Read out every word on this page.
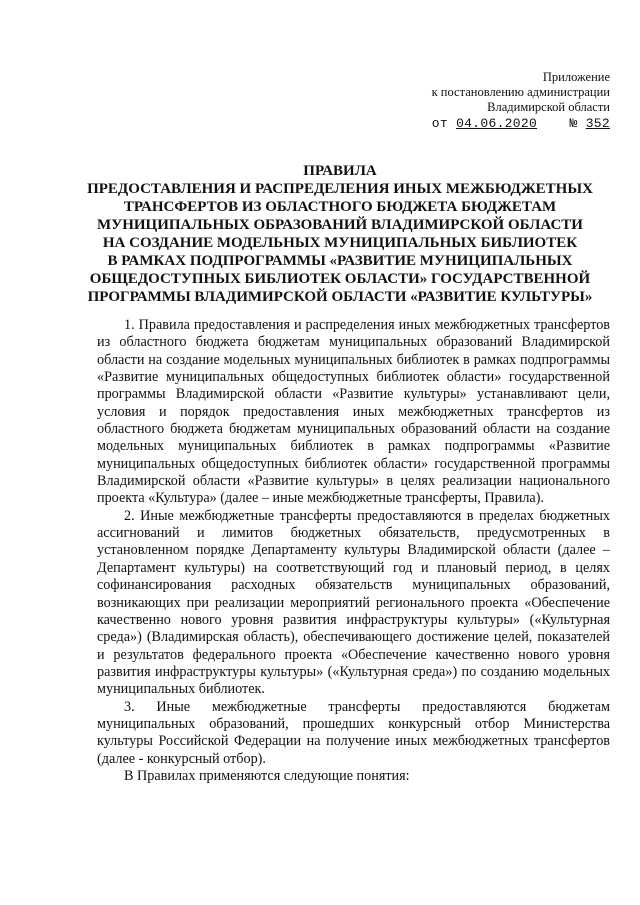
Приложение
к постановлению администрации
Владимирской области
от 04.06.2020 № 352
ПРАВИЛА
ПРЕДОСТАВЛЕНИЯ И РАСПРЕДЕЛЕНИЯ ИНЫХ МЕЖБЮДЖЕТНЫХ
ТРАНСФЕРТОВ ИЗ ОБЛАСТНОГО БЮДЖЕТА БЮДЖЕТАМ
МУНИЦИПАЛЬНЫХ ОБРАЗОВАНИЙ ВЛАДИМИРСКОЙ ОБЛАСТИ
НА СОЗДАНИЕ МОДЕЛЬНЫХ МУНИЦИПАЛЬНЫХ БИБЛИОТЕК
В РАМКАХ ПОДПРОГРАММЫ «РАЗВИТИЕ МУНИЦИПАЛЬНЫХ
ОБЩЕДОСТУПНЫХ БИБЛИОТЕК ОБЛАСТИ» ГОСУДАРСТВЕННОЙ
ПРОГРАММЫ ВЛАДИМИРСКОЙ ОБЛАСТИ «РАЗВИТИЕ КУЛЬТУРЫ»

1. Правила предоставления и распределения иных межбюджетных трансфертов из областного бюджета бюджетам муниципальных образований Владимирской области на создание модельных муниципальных библиотек в рамках подпрограммы «Развитие муниципальных общедоступных библиотек области» государственной программы Владимирской области «Развитие культуры» устанавливают цели, условия и порядок предоставления иных межбюджетных трансфертов из областного бюджета бюджетам муниципальных образований области на создание модельных муниципальных библиотек в рамках подпрограммы «Развитие муниципальных общедоступных библиотек области» государственной программы Владимирской области «Развитие культуры» в целях реализации национального проекта «Культура» (далее – иные межбюджетные трансферты, Правила).

2. Иные межбюджетные трансферты предоставляются в пределах бюджетных ассигнований и лимитов бюджетных обязательств, предусмотренных в установленном порядке Департаменту культуры Владимирской области (далее – Департамент культуры) на соответствующий год и плановый период, в целях софинансирования расходных обязательств муниципальных образований, возникающих при реализации мероприятий регионального проекта «Обеспечение качественно нового уровня развития инфраструктуры культуры» («Культурная среда») (Владимирская область), обеспечивающего достижение целей, показателей и результатов федерального проекта «Обеспечение качественно нового уровня развития инфраструктуры культуры» («Культурная среда») по созданию модельных муниципальных библиотек.

3. Иные межбюджетные трансферты предоставляются бюджетам муниципальных образований, прошедших конкурсный отбор Министерства культуры Российской Федерации на получение иных межбюджетных трансфертов (далее - конкурсный отбор).

В Правилах применяются следующие понятия:
